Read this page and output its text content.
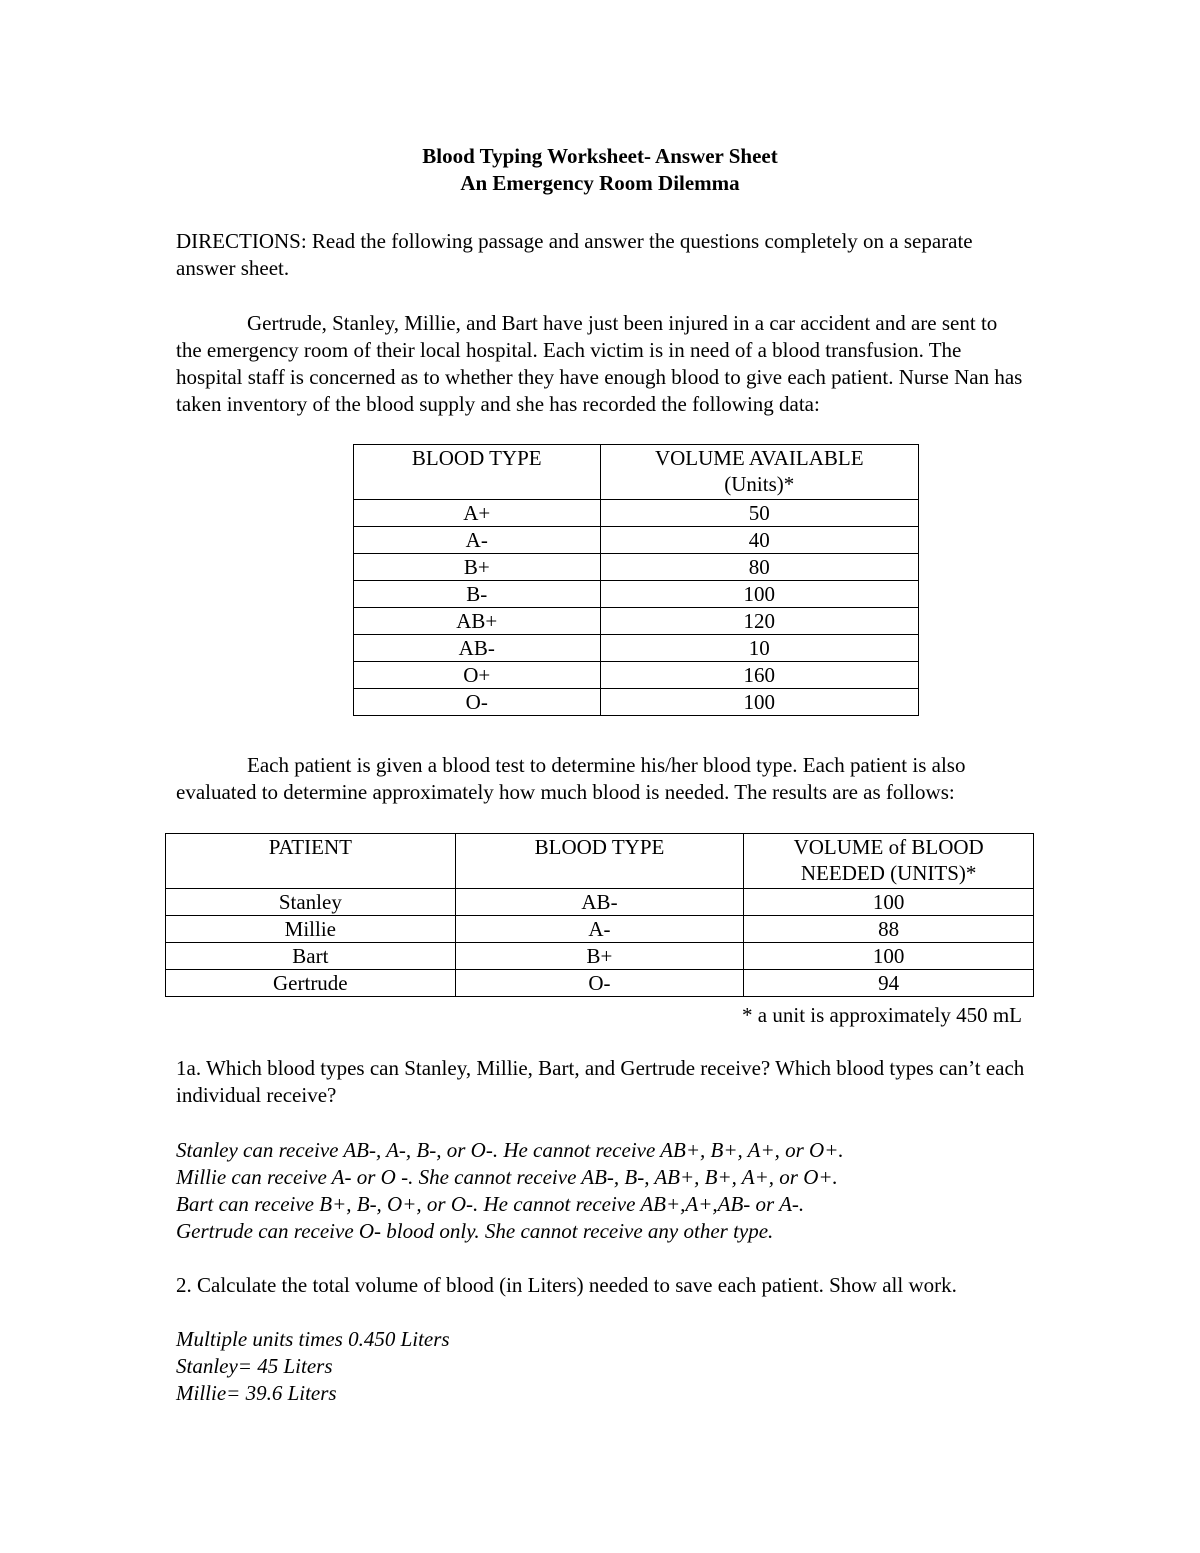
Blood Typing Worksheet- Answer Sheet
An Emergency Room Dilemma
DIRECTIONS: Read the following passage and answer the questions completely on a separate answer sheet.
Gertrude, Stanley, Millie, and Bart have just been injured in a car accident and are sent to the emergency room of their local hospital. Each victim is in need of a blood transfusion. The hospital staff is concerned as to whether they have enough blood to give each patient. Nurse Nan has taken inventory of the blood supply and she has recorded the following data:
BLOOD TYPE	VOLUME AVAILABLE
(Units)*

A+	50
A-	40
B+	80
B-	100
AB+	120
AB-	10
O+	160
O-	100
Each patient is given a blood test to determine his/her blood type. Each patient is also evaluated to determine approximately how much blood is needed. The results are as follows:
PATIENT	BLOOD TYPE	VOLUME of BLOOD
NEEDED (UNITS)*

Stanley	AB-	100
Millie	A-	88
Bart	B+	100
Gertrude	O-	94
* a unit is approximately 450 mL
1a. Which blood types can Stanley, Millie, Bart, and Gertrude receive? Which blood types can’t each individual receive?
Stanley can receive AB-, A-, B-, or O-. He cannot receive AB+, B+, A+, or O+.
Millie can receive A- or O -. She cannot receive AB-, B-, AB+, B+, A+, or O+.
Bart can receive B+, B-, O+, or O-. He cannot receive AB+,A+,AB- or A-.
Gertrude can receive O- blood only. She cannot receive any other type.
2. Calculate the total volume of blood (in Liters) needed to save each patient. Show all work.
Multiple units times 0.450 Liters
Stanley= 45 Liters
Millie= 39.6 Liters
